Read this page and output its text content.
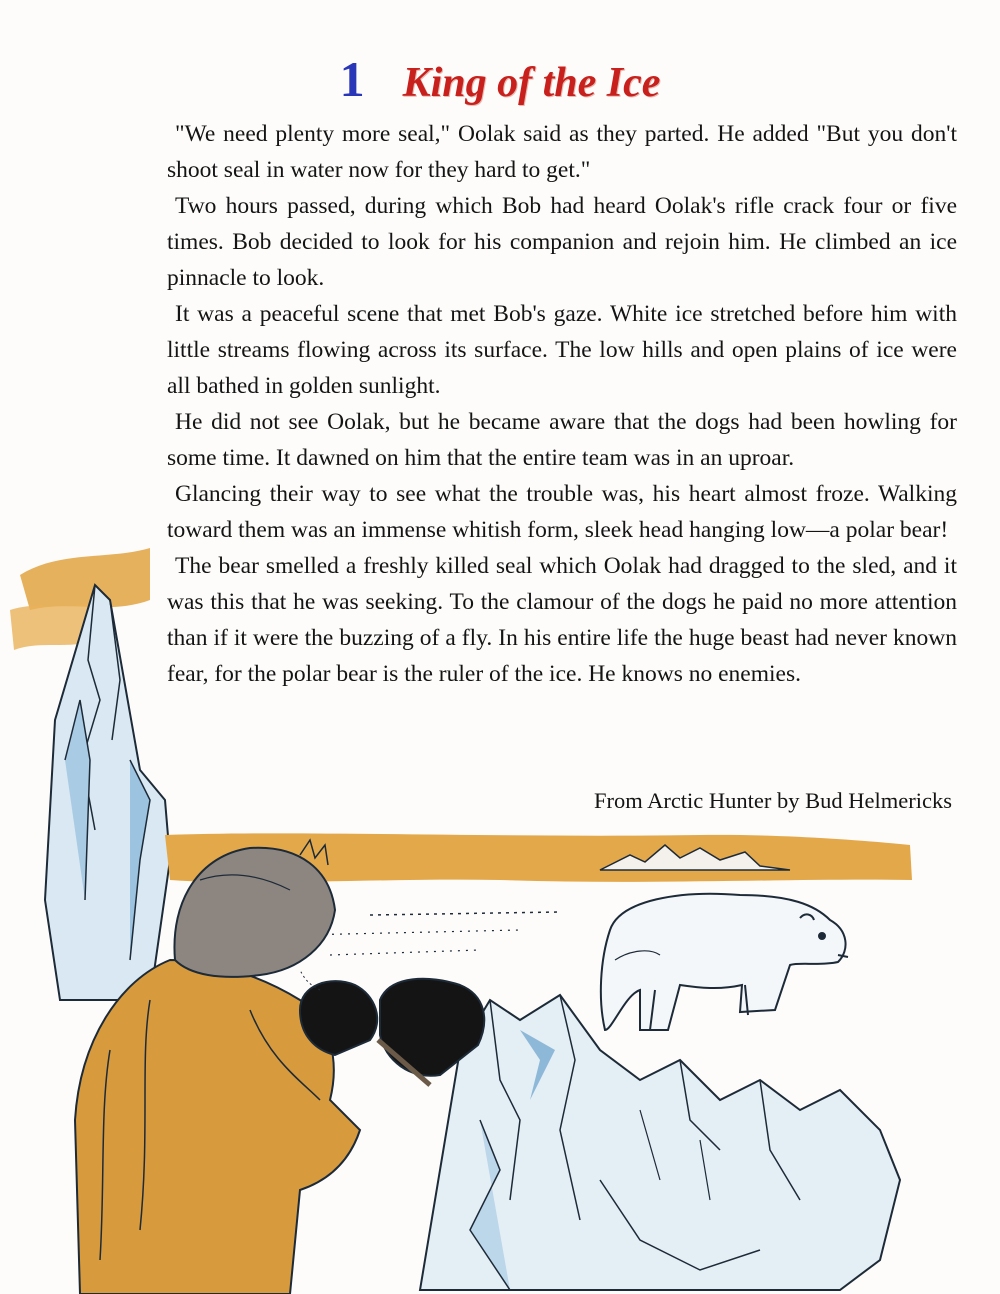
1 King of the Ice

"We need plenty more seal," Oolak said as they parted. He added "But you don't shoot seal in water now for they hard to get."

Two hours passed, during which Bob had heard Oolak's rifle crack four or five times. Bob decided to look for his companion and rejoin him. He climbed an ice pinnacle to look.

It was a peaceful scene that met Bob's gaze. White ice stretched before him with little streams flowing across its surface. The low hills and open plains of ice were all bathed in golden sunlight.

He did not see Oolak, but he became aware that the dogs had been howling for some time. It dawned on him that the entire team was in an uproar.

Glancing their way to see what the trouble was, his heart almost froze. Walking toward them was an immense whitish form, sleek head hanging low—a polar bear!

The bear smelled a freshly killed seal which Oolak had dragged to the sled, and it was this that he was seeking. To the clamour of the dogs he paid no more attention than if it were the buzzing of a fly. In his entire life the huge beast had never known fear, for the polar bear is the ruler of the ice. He knows no enemies.

From Arctic Hunter by Bud Helmericks
